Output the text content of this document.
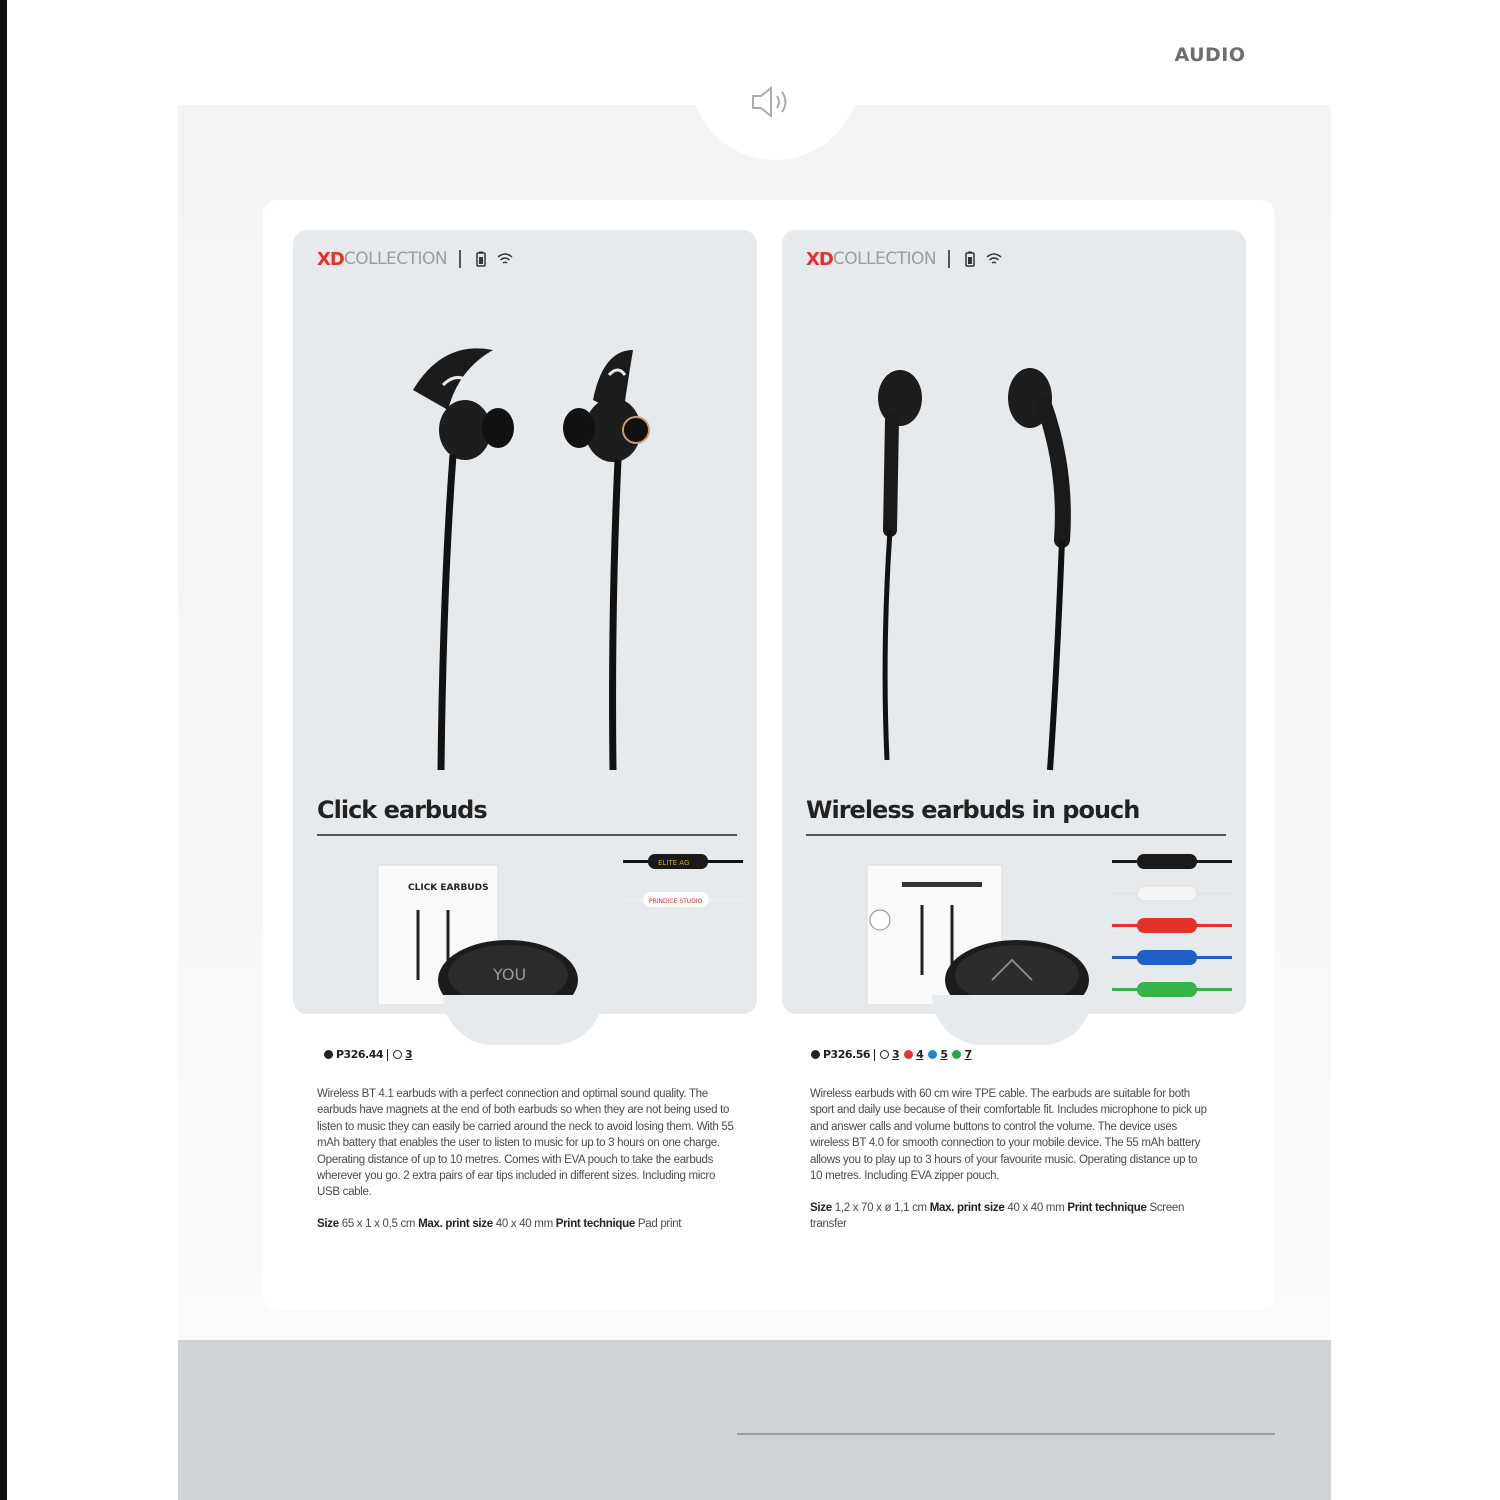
AUDIO
XD COLLECTION
Click earbuds
CLICK EARBUDS
YOU
ELITE AG
PRINDICE STUDIO
P326.44 3
XD COLLECTION
Wireless earbuds in pouch
P326.56 3 4 5 7
Wireless BT 4.1 earbuds with a perfect connection and optimal sound quality. The earbuds have magnets at the end of both earbuds so when they are not being used to listen to music they can easily be carried around the neck to avoid losing them. With 55 mAh battery that enables the user to listen to music for up to 3 hours on one charge. Operating distance of up to 10 metres. Comes with EVA pouch to take the earbuds wherever you go. 2 extra pairs of ear tips included in different sizes. Including micro USB cable.
Size 65 x 1 x 0,5 cm Max. print size 40 x 40 mm Print technique Pad print
Wireless earbuds with 60 cm wire TPE cable. The earbuds are suitable for both sport and daily use because of their comfortable fit. Includes microphone to pick up and answer calls and volume buttons to control the volume. The device uses wireless BT 4.0 for smooth connection to your mobile device. The 55 mAh battery allows you to play up to 3 hours of your favourite music. Operating distance up to 10 metres. Including EVA zipper pouch.
Size 1,2 x 70 x ø 1,1 cm Max. print size 40 x 40 mm Print technique Screen transfer
